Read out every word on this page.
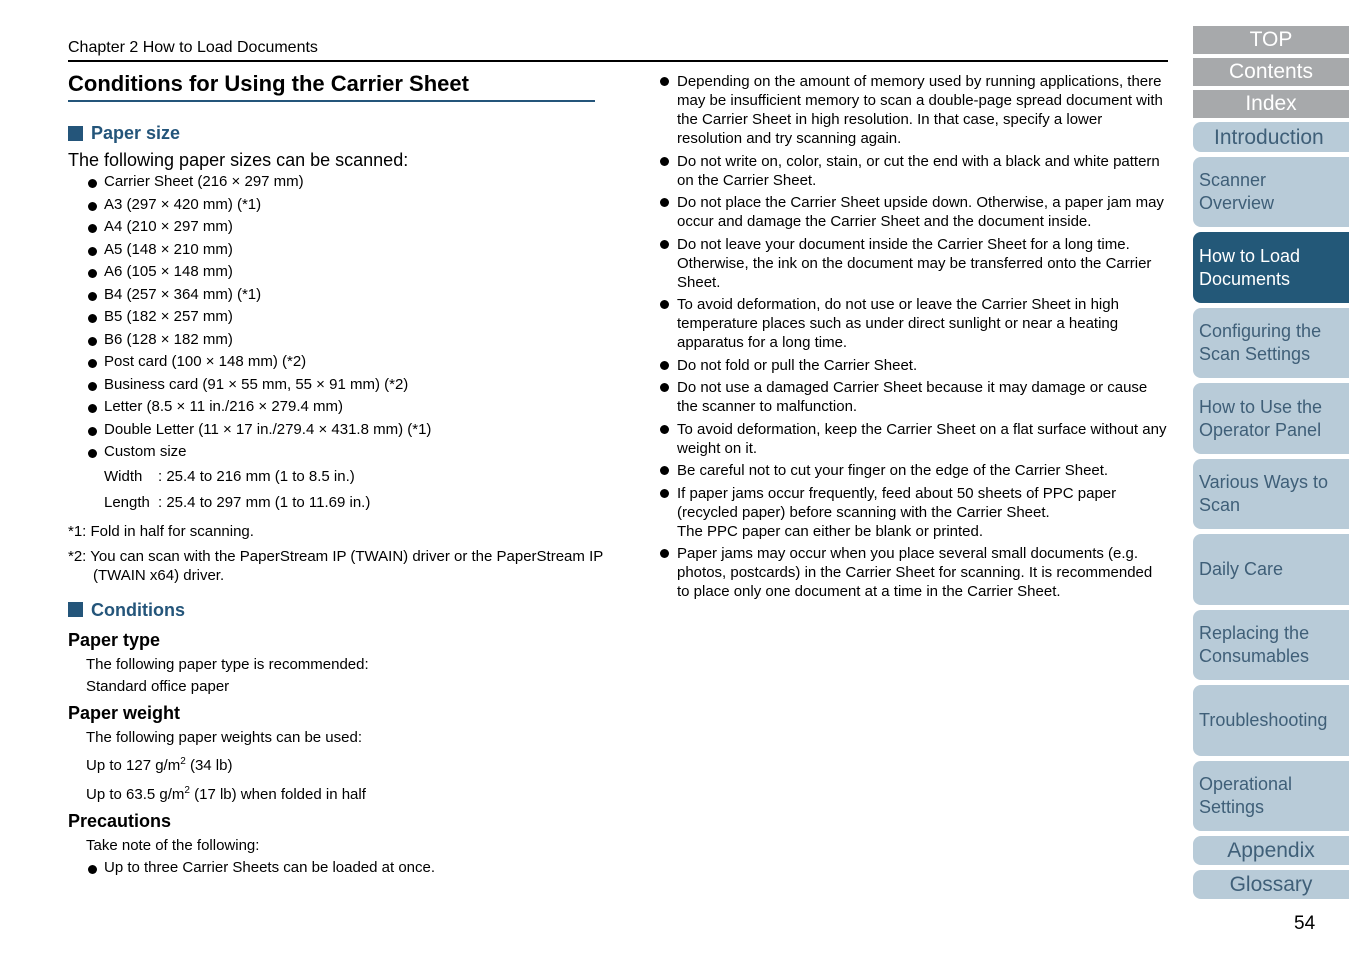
Chapter 2 How to Load Documents
Conditions for Using the Carrier Sheet
Paper size
The following paper sizes can be scanned:
Carrier Sheet (216 × 297 mm)
A3 (297 × 420 mm) (*1)
A4 (210 × 297 mm)
A5 (148 × 210 mm)
A6 (105 × 148 mm)
B4 (257 × 364 mm) (*1)
B5 (182 × 257 mm)
B6 (128 × 182 mm)
Post card (100 × 148 mm) (*2)
Business card (91 × 55 mm, 55 × 91 mm) (*2)
Letter (8.5 × 11 in./216 × 279.4 mm)
Double Letter (11 × 17 in./279.4 × 431.8 mm) (*1)
Custom size
Width	: 25.4 to 216 mm (1 to 8.5 in.)
Length : 25.4 to 297 mm (1 to 11.69 in.)
*1: Fold in half for scanning.
*2: You can scan with the PaperStream IP (TWAIN) driver or the PaperStream IP (TWAIN x64) driver.
Conditions
Paper type
The following paper type is recommended:
Standard office paper
Paper weight
The following paper weights can be used:
Up to 127 $g/m^2$ (34 lb)
Up to 63.5 $g/m^2$ (17 lb) when folded in half
Precautions
Take note of the following:
Up to three Carrier Sheets can be loaded at once.
Depending on the amount of memory used by running applications, there may be insufficient memory to scan a double-page spread document with the Carrier Sheet in high resolution. In that case, specify a lower resolution and try scanning again.
Do not write on, color, stain, or cut the end with a black and white pattern on the Carrier Sheet.
Do not place the Carrier Sheet upside down. Otherwise, a paper jam may occur and damage the Carrier Sheet and the document inside.
Do not leave your document inside the Carrier Sheet for a long time. Otherwise, the ink on the document may be transferred onto the Carrier Sheet.
To avoid deformation, do not use or leave the Carrier Sheet in high temperature places such as under direct sunlight or near a heating apparatus for a long time.
Do not fold or pull the Carrier Sheet.
Do not use a damaged Carrier Sheet because it may damage or cause the scanner to malfunction.
To avoid deformation, keep the Carrier Sheet on a flat surface without any weight on it.
Be careful not to cut your finger on the edge of the Carrier Sheet.
If paper jams occur frequently, feed about 50 sheets of PPC paper (recycled paper) before scanning with the Carrier Sheet.
The PPC paper can either be blank or printed.
Paper jams may occur when you place several small documents (e.g. photos, postcards) in the Carrier Sheet for scanning. It is recommended to place only one document at a time in the Carrier Sheet.
TOP
Contents
Index
Introduction
Scanner Overview
How to Load Documents
Configuring the Scan Settings
How to Use the Operator Panel
Various Ways to Scan
Daily Care
Replacing the Consumables
Troubleshooting
Operational Settings
Appendix
Glossary
54
